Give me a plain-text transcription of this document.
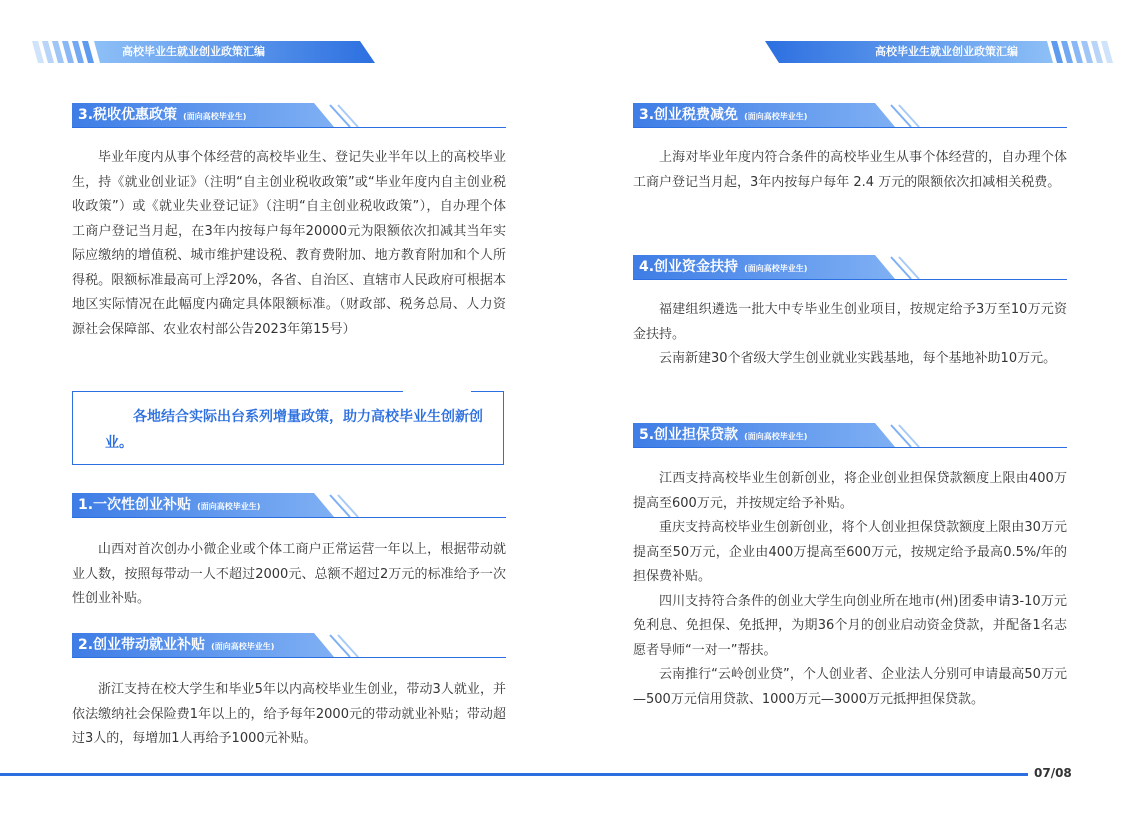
高校毕业生就业创业政策汇编	高校毕业生就业创业政策汇编
3.税收优惠政策 (面向高校毕业生)

毕业年度内从事个体经营的高校毕业生、登记失业半年以上的高校毕业生，持《就业创业证》（注明“自主创业税收政策”或“毕业年度内自主创业税收政策”）或《就业失业登记证》（注明“自主创业税收政策”），自办理个体工商户登记当月起，在3年内按每户每年20000元为限额依次扣减其当年实际应缴纳的增值税、城市维护建设税、教育费附加、地方教育附加和个人所得税。限额标准最高可上浮20%，各省、自治区、直辖市人民政府可根据本地区实际情况在此幅度内确定具体限额标准。（财政部、税务总局、人力资源社会保障部、农业农村部公告2023年第15号）

各地结合实际出台系列增量政策，助力高校毕业生创新创业。

1.一次性创业补贴 (面向高校毕业生)

山西对首次创办小微企业或个体工商户正常运营一年以上，根据带动就业人数，按照每带动一人不超过2000元、总额不超过2万元的标准给予一次性创业补贴。

2.创业带动就业补贴 (面向高校毕业生)

浙江支持在校大学生和毕业5年以内高校毕业生创业，带动3人就业，并依法缴纳社会保险费1年以上的，给予每年2000元的带动就业补贴；带动超过3人的，每增加1人再给予1000元补贴。

3.创业税费减免 (面向高校毕业生)

上海对毕业年度内符合条件的高校毕业生从事个体经营的，自办理个体工商户登记当月起，3年内按每户每年 2.4 万元的限额依次扣减相关税费。

4.创业资金扶持 (面向高校毕业生)

福建组织遴选一批大中专毕业生创业项目，按规定给予3万至10万元资金扶持。

云南新建30个省级大学生创业就业实践基地，每个基地补助10万元。

5.创业担保贷款 (面向高校毕业生)

江西支持高校毕业生创新创业，将企业创业担保贷款额度上限由400万提高至600万元，并按规定给予补贴。

重庆支持高校毕业生创新创业，将个人创业担保贷款额度上限由30万元提高至50万元，企业由400万提高至600万元，按规定给予最高0.5%/年的担保费补贴。

四川支持符合条件的创业大学生向创业所在地市(州)团委申请3-10万元免利息、免担保、免抵押，为期36个月的创业启动资金贷款，并配备1名志愿者导师“一对一”帮扶。

云南推行“云岭创业贷”，个人创业者、企业法人分别可申请最高50万元—500万元信用贷款、1000万元—3000万元抵押担保贷款。

07/08
